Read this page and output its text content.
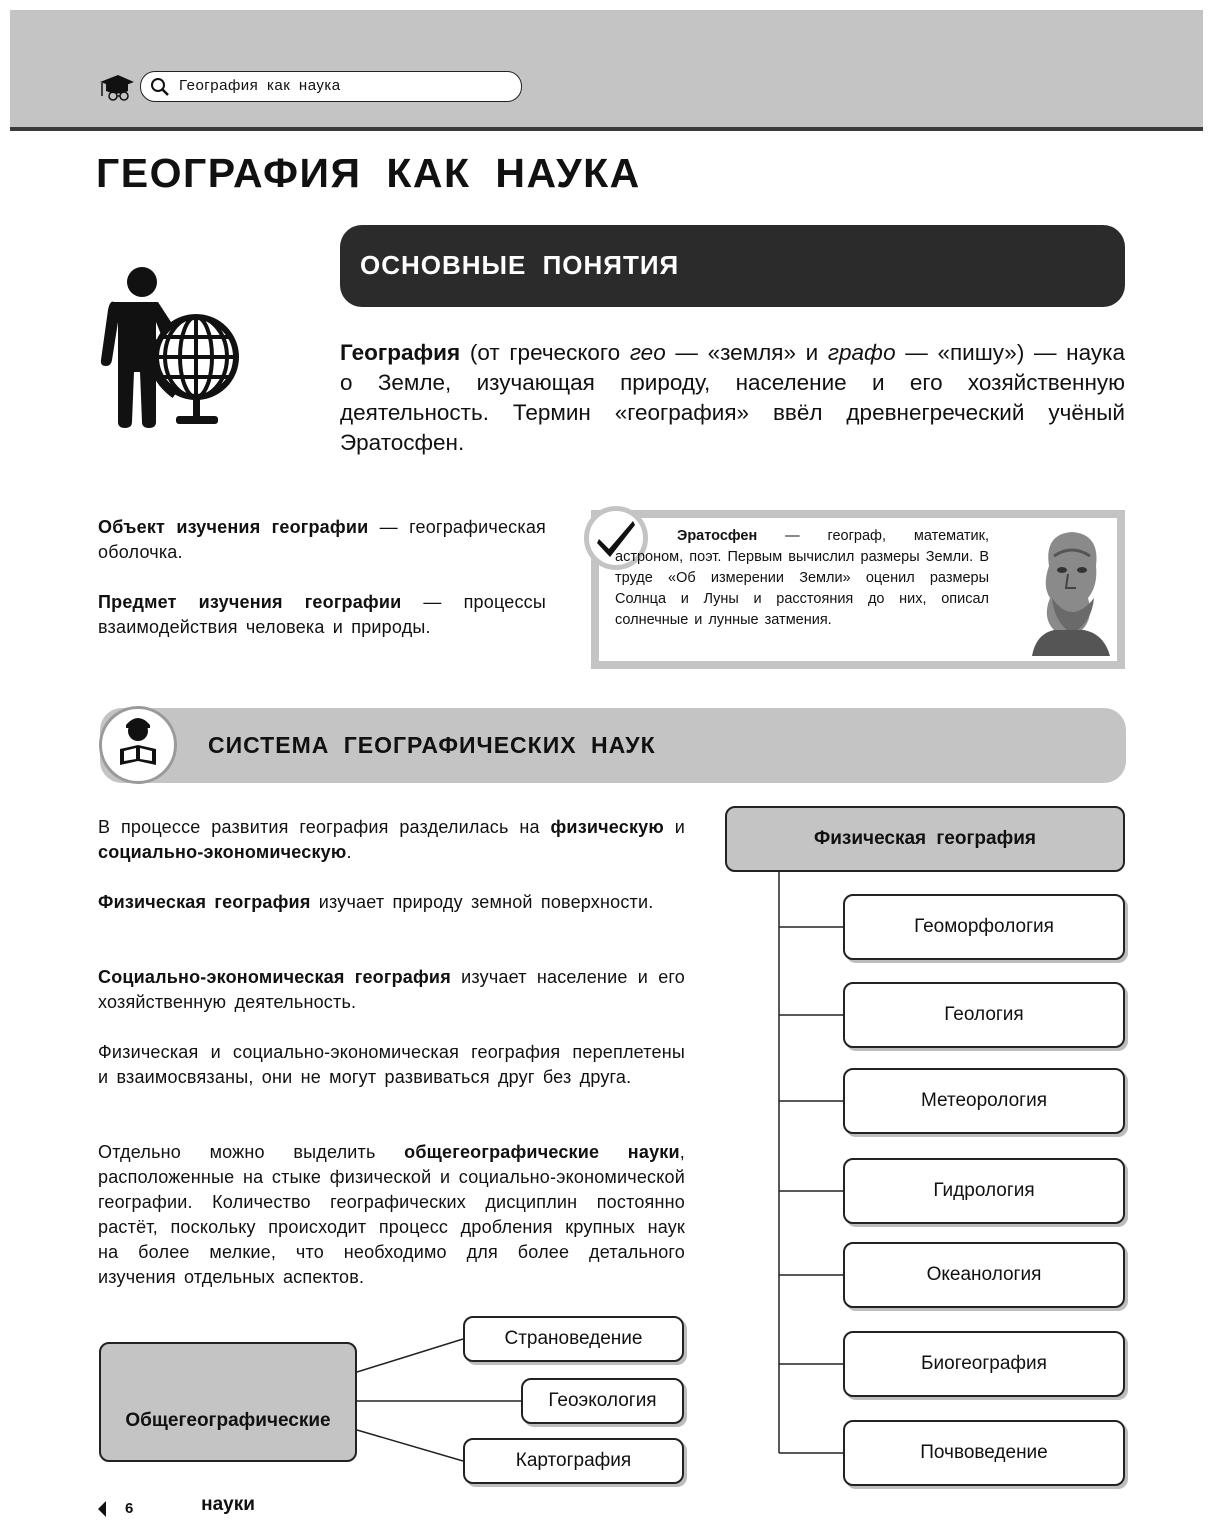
География как наука
ГЕОГРАФИЯ КАК НАУКА
ОСНОВНЫЕ ПОНЯТИЯ
География (от греческого гео — «земля» и графо — «пишу») — наука о Земле, изучающая природу, население и его хозяйственную деятельность. Термин «география» ввёл древнегреческий учёный Эратосфен.
Объект изучения географии — географическая оболочка.
Предмет изучения географии — процессы взаимодействия человека и природы.
Эратосфен — географ, математик, астроном, поэт. Первым вычислил размеры Земли. В труде «Об измерении Земли» оценил размеры Солнца и Луны и расстояния до них, описал солнечные и лунные затмения.
СИСТЕМА ГЕОГРАФИЧЕСКИХ НАУК
В процессе развития география разделилась на физическую и социально-экономическую.
Физическая география изучает природу земной поверхности.
Социально-экономическая география изучает население и его хозяйственную деятельность.
Физическая и социально-экономическая география переплетены и взаимосвязаны, они не могут развиваться друг без друга.
Отдельно можно выделить общегеографические науки, расположенные на стыке физической и социально-экономической географии. Количество географических дисциплин постоянно растёт, поскольку происходит процесс дробления крупных наук на более мелкие, что необходимо для более детального изучения отдельных аспектов.
Физическая география
Геоморфология
Геология
Метеорология
Гидрология
Океанология
Биогеография
Почвоведение
Общегеографические

науки
Страноведение
Геоэкология
Картография
6
